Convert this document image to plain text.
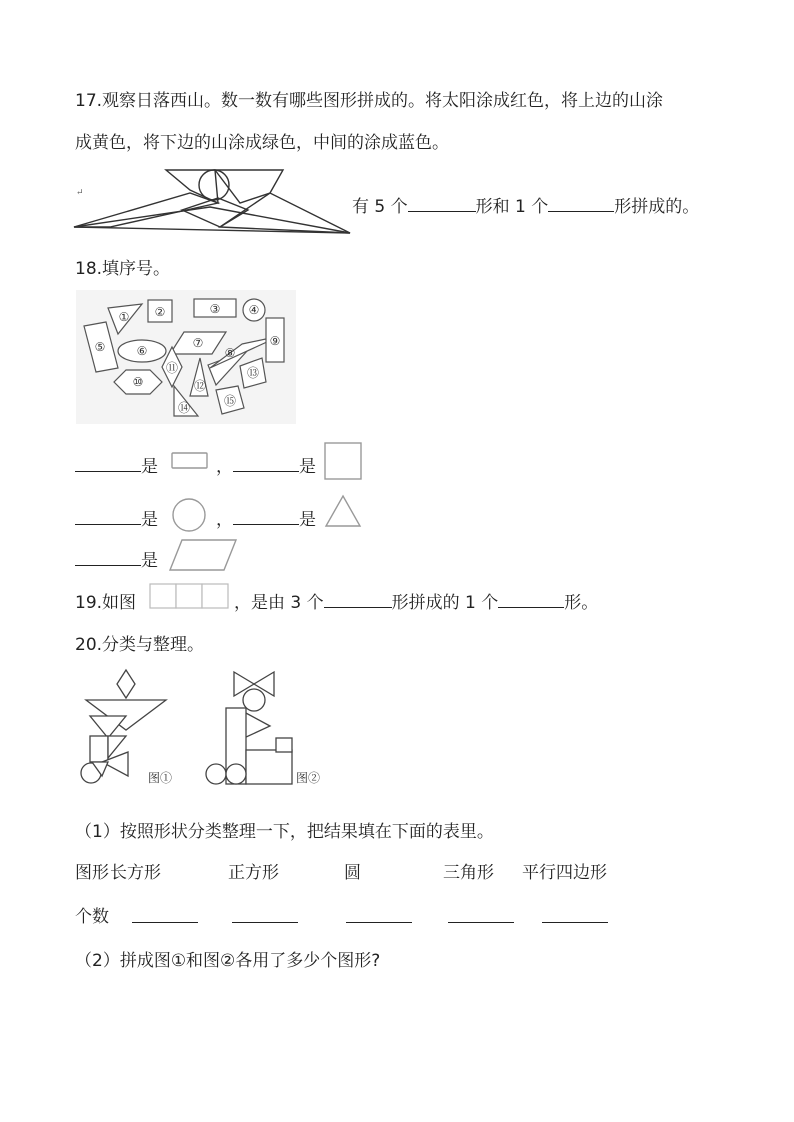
17.观察日落西山。数一数有哪些图形拼成的。将太阳涂成红色，将上边的山涂
成黄色，将下边的山涂成绿色，中间的涂成蓝色。
↵
有 5 个	形和 1 个	形拼成的。
18.填序号。
① ②	③ ④
⑤	⑥
⑦
⑧
⑨
⑩
⑪
⑫
⑬
⑭	⑮
是	，	是
是	，	是
是
19.如图	，是由 3 个	形拼成的 1 个	形。
20.分类与整理。
图①	图②
（1）按照形状分类整理一下，把结果填在下面的表里。
图形 长方形	正方形	圆	三角形 平行四边形
个数
（2）拼成图①和图②各用了多少个图形?
